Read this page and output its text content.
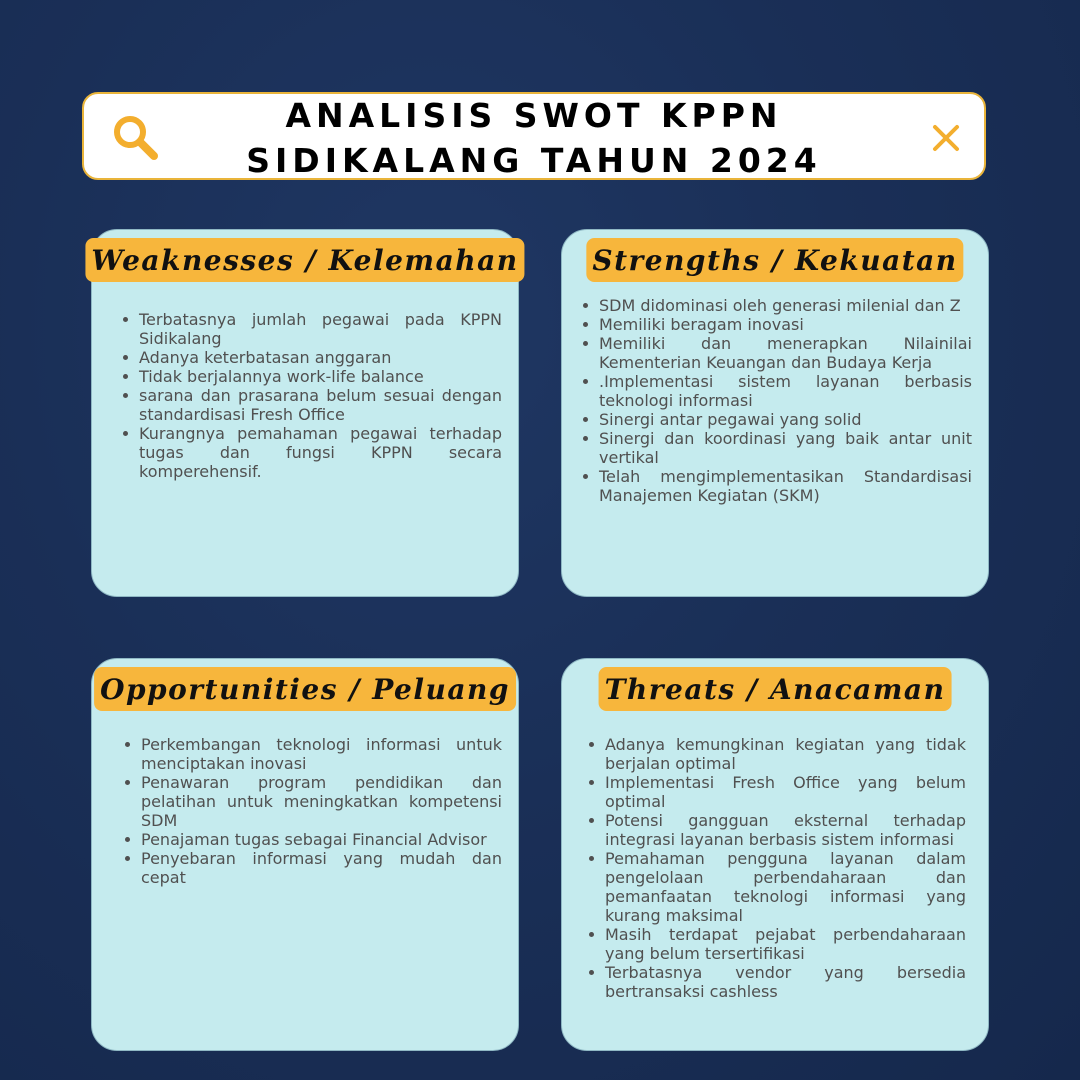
ANALISIS SWOT KPPN
SIDIKALANG TAHUN 2024
Weaknesses / Kelemahan
Terbatasnya jumlah pegawai pada KPPN Sidikalang
Adanya keterbatasan anggaran
Tidak berjalannya work-life balance
sarana dan prasarana belum sesuai dengan standardisasi Fresh Office
Kurangnya pemahaman pegawai terhadap tugas dan fungsi KPPN secara komperehensif.
Strengths / Kekuatan
SDM didominasi oleh generasi milenial dan Z
Memiliki beragam inovasi
Memiliki dan menerapkan Nilai⁠nilai Kementerian Keuangan dan Budaya Kerja
.Implementasi sistem layanan berbasis teknologi informasi
Sinergi antar pegawai yang solid
Sinergi dan koordinasi yang baik antar unit vertikal
Telah mengimplementasikan Standardisasi Manajemen Kegiatan (SKM)
Opportunities / Peluang
Perkembangan teknologi informasi untuk menciptakan inovasi
Penawaran program pendidikan dan pelatihan untuk meningkatkan kompetensi SDM
Penajaman tugas sebagai Financial Advisor
Penyebaran informasi yang mudah dan cepat
Threats / Anacaman
Adanya kemungkinan kegiatan yang tidak berjalan optimal
Implementasi Fresh Office yang belum optimal
Potensi gangguan eksternal terhadap integrasi layanan berbasis sistem informasi
Pemahaman pengguna layanan dalam pengelolaan perbendaharaan dan pemanfaatan teknologi informasi yang kurang maksimal
Masih terdapat pejabat perbendaharaan yang belum tersertifikasi
Terbatasnya vendor yang bersedia bertransaksi cashless
